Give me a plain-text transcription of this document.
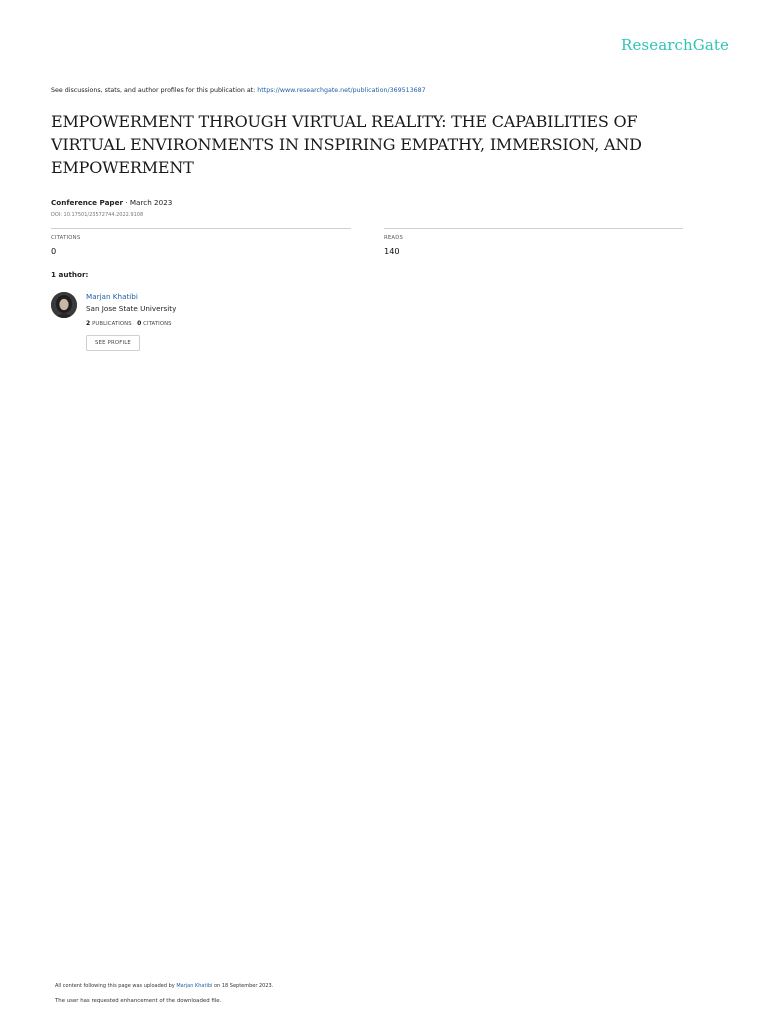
ResearchGate
See discussions, stats, and author profiles for this publication at: https://www.researchgate.net/publication/369513687
EMPOWERMENT THROUGH VIRTUAL REALITY: THE CAPABILITIES OF VIRTUAL ENVIRONMENTS IN INSPIRING EMPATHY, IMMERSION, AND EMPOWERMENT
Conference Paper · March 2023
DOI: 10.17501/23572744.2022.9108
CITATIONS
0
READS
140
1 author:
Marjan Khatibi
San Jose State University
2 PUBLICATIONS 0 CITATIONS
SEE PROFILE
All content following this page was uploaded by Marjan Khatibi on 18 September 2023.
The user has requested enhancement of the downloaded file.
